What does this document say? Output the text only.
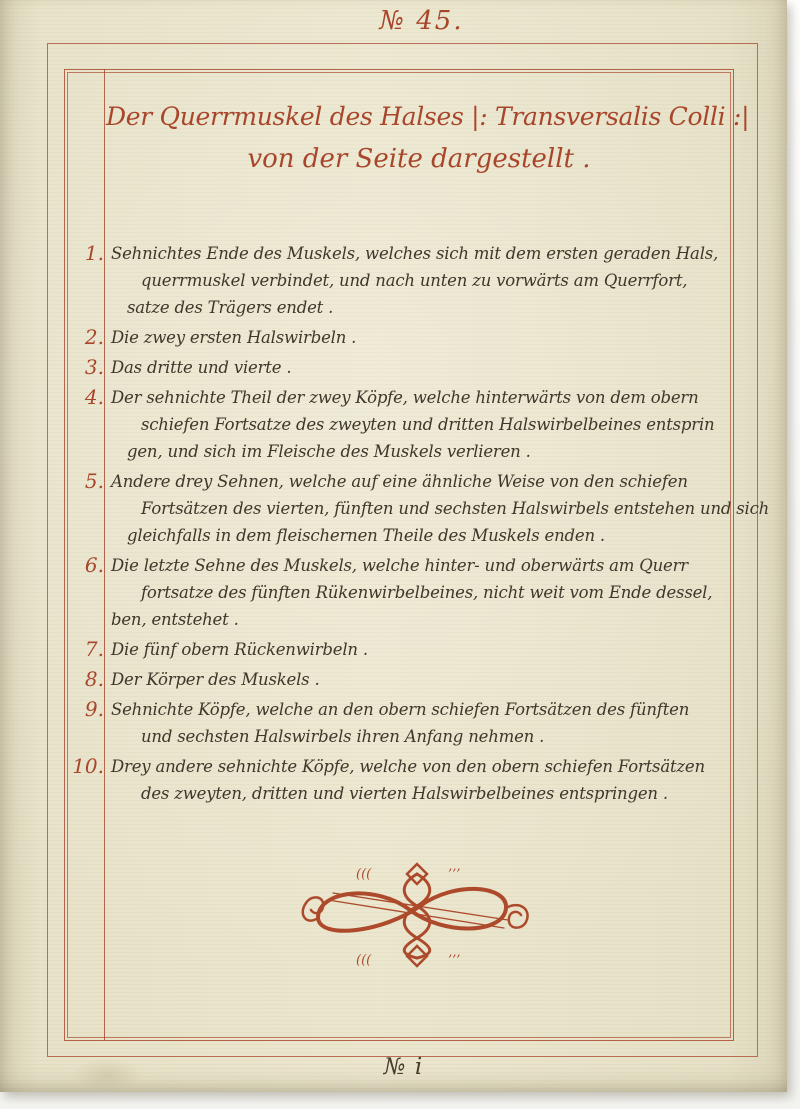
№ 45.
Der Querrmuskel des Halses |: Transversalis Colli :|
von der Seite dargestellt .
1. Sehnichtes Ende des Muskels, welches sich mit dem ersten geraden Hals,
querrmuskel verbindet, und nach unten zu vorwärts am Querrfort,
satze des Trägers endet .
2. Die zwey ersten Halswirbeln .
3. Das dritte und vierte .
4. Der sehnichte Theil der zwey Köpfe, welche hinterwärts von dem obern
schiefen Fortsatze des zweyten und dritten Halswirbelbeines entsprin
gen, und sich im Fleische des Muskels verlieren .
5. Andere drey Sehnen, welche auf eine ähnliche Weise von den schiefen
Fortsätzen des vierten, fünften und sechsten Halswirbels entstehen und sich
gleichfalls in dem fleischernen Theile des Muskels enden .
6. Die letzte Sehne des Muskels, welche hinter- und oberwärts am Querr
fortsatze des fünften Rükenwirbelbeines, nicht weit vom Ende dessel,
ben, entstehet .
7. Die fünf obern Rückenwirbeln .
8. Der Körper des Muskels .
9. Sehnichte Köpfe, welche an den obern schiefen Fortsätzen des fünften
und sechsten Halswirbels ihren Anfang nehmen .
10. Drey andere sehnichte Köpfe, welche von den obern schiefen Fortsätzen
des zweyten, dritten und vierten Halswirbelbeines entspringen .
(((	’’’
(((	’’’
№ i
